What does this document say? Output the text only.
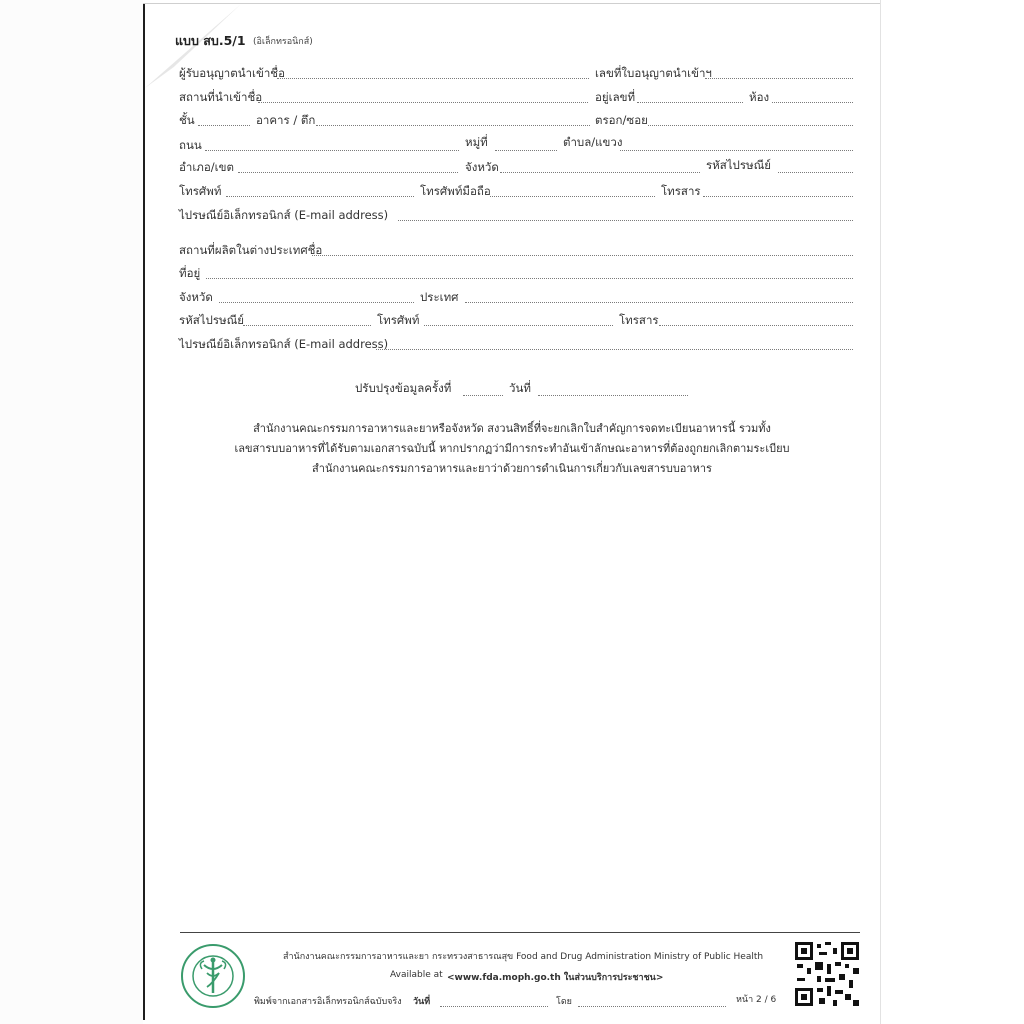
แบบ สบ.5/1 (อิเล็กทรอนิกส์)
ผู้รับอนุญาตนำเข้าชื่อ	เลขที่ใบอนุญาตนำเข้าฯ
สถานที่นำเข้าชื่อ	อยู่เลขที่	ห้อง
ชั้น	อาคาร / ตึก	ตรอก/ซอย
ถนน	หมู่ที่	ตำบล/แขวง
อำเภอ/เขต	จังหวัด	รหัสไปรษณีย์
โทรศัพท์	โทรศัพท์มือถือ	โทรสาร
ไปรษณีย์อิเล็กทรอนิกส์ (E-mail address)
สถานที่ผลิตในต่างประเทศชื่อ
ที่อยู่
จังหวัด	ประเทศ
รหัสไปรษณีย์	โทรศัพท์	โทรสาร
ไปรษณีย์อิเล็กทรอนิกส์ (E-mail address)
ปรับปรุงข้อมูลครั้งที่	วันที่
สำนักงานคณะกรรมการอาหารและยาหรือจังหวัด สงวนสิทธิ์ที่จะยกเลิกใบสำคัญการจดทะเบียนอาหารนี้ รวมทั้ง
เลขสารบบอาหารที่ได้รับตามเอกสารฉบับนี้ หากปรากฏว่ามีการกระทำอันเข้าลักษณะอาหารที่ต้องถูกยกเลิกตามระเบียบ
สำนักงานคณะกรรมการอาหารและยาว่าด้วยการดำเนินการเกี่ยวกับเลขสารบบอาหาร
สำนักงานคณะกรรมการอาหารและยา กระทรวงสาธารณสุข Food and Drug Administration Ministry of Public Health
Available at <www.fda.moph.go.th ในส่วนบริการประชาชน>
พิมพ์จากเอกสารอิเล็กทรอนิกส์ฉบับจริง วันที่	โดย	หน้า 2 / 6
